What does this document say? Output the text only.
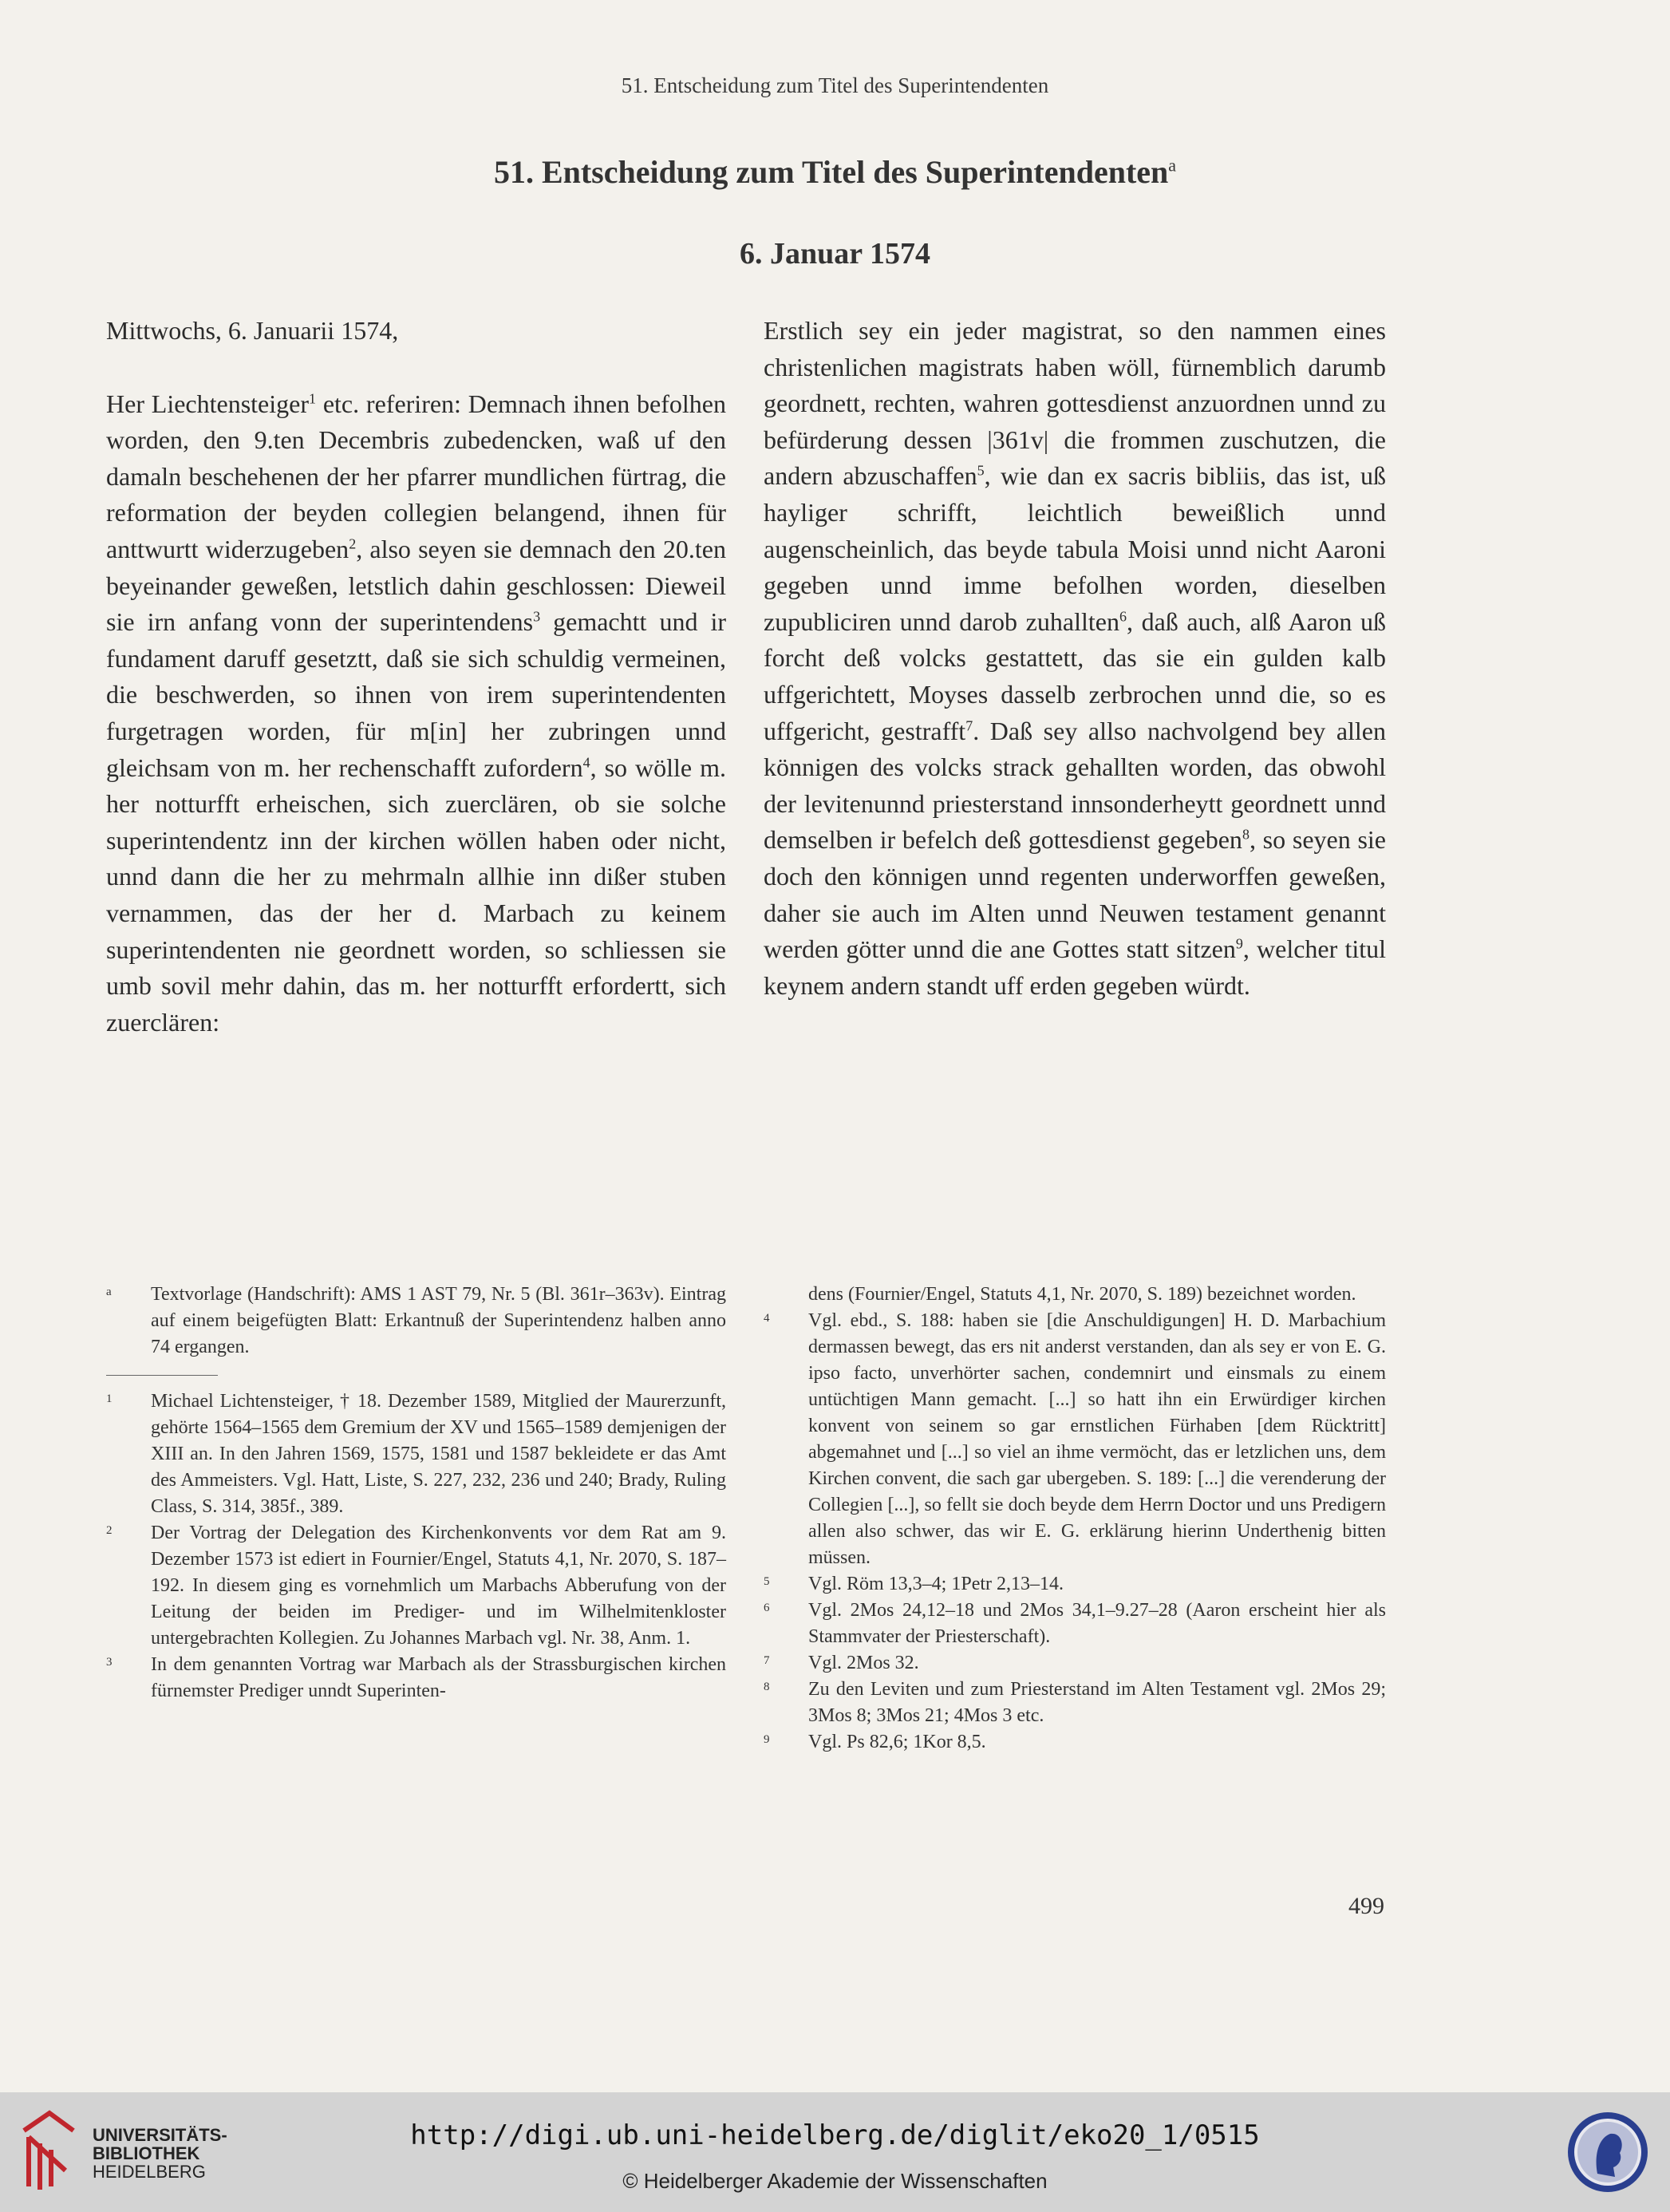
51. Entscheidung zum Titel des Superintendenten
51. Entscheidung zum Titel des Superintendenten$^a$
6. Januar 1574

Mittwochs, 6. Januarii 1574,

Her Liechtensteiger$^1$ etc. referiren: Demnach ihnen befolhen worden, den 9.ten Decembris zubedencken, waß uf den damaln beschehenen der her pfarrer mundlichen fürtrag, die reformation der beyden collegien belangend, ihnen für anttwurtt widerzugeben$^2$, also seyen sie demnach den 20.ten beyeinander geweßen, letstlich dahin geschlossen: Dieweil sie irn anfang vonn der superintendens$^3$ gemachtt und ir fundament daruff gesetztt, daß sie sich schuldig vermeinen, die beschwerden, so ihnen von irem superintendenten furgetragen worden, für m[in] her zubringen unnd gleichsam von m. her rechenschafft zufordern$^4$, so wölle m. her notturfft erheischen, sich zuerclären, ob sie solche superintendentz inn der kirchen wöllen haben oder nicht, unnd dann die her zu mehrmaln allhie inn dißer stuben vernammen, das der her d. Marbach zu keinem superintendenten nie geordnett worden, so schliessen sie umb sovil mehr dahin, das m. her notturfft erfordertt, sich zuerclären:

Erstlich sey ein jeder magistrat, so den nammen eines christenlichen magistrats haben wöll, fürnemblich darumb geordnett, rechten, wahren gottesdienst anzuordnen unnd zu befürderung dessen |361v| die frommen zuschutzen, die andern abzuschaffen$^5$, wie dan ex sacris bibliis, das ist, uß hayliger schrifft, leichtlich beweißlich unnd augenscheinlich, das beyde tabula Moisi unnd nicht Aaroni gegeben unnd imme befolhen worden, dieselben zupubliciren unnd darob zuhallten$^6$, daß auch, alß Aaron uß forcht deß volcks gestattett, das sie ein gulden kalb uffgerichtett, Moyses dasselb zerbrochen unnd die, so es uffgericht, gestrafft$^7$. Daß sey allso nachvolgend bey allen könnigen des volcks strack gehallten worden, das obwohl der levitenunnd priesterstand innsonderheytt geordnett unnd demselben ir befelch deß gottesdienst gegeben$^8$, so seyen sie doch den könnigen unnd regenten underworffen geweßen, daher sie auch im Alten unnd Neuwen testament genannt werden götter unnd die ane Gottes statt sitzen$^9$, welcher titul keynem andern standt uff erden gegeben würdt.

a	Textvorlage (Handschrift): AMS 1 AST 79, Nr. 5 (Bl. 361r–363v). Eintrag auf einem beigefügten Blatt: Erkantnuß der Superintendenz halben anno 74 ergangen.
1	Michael Lichtensteiger, † 18. Dezember 1589, Mitglied der Maurerzunft, gehörte 1564–1565 dem Gremium der XV und 1565–1589 demjenigen der XIII an. In den Jahren 1569, 1575, 1581 und 1587 bekleidete er das Amt des Ammeisters. Vgl. Hatt, Liste, S. 227, 232, 236 und 240; Brady, Ruling Class, S. 314, 385f., 389.
2	Der Vortrag der Delegation des Kirchenkonvents vor dem Rat am 9. Dezember 1573 ist ediert in Fournier/Engel, Statuts 4,1, Nr. 2070, S. 187–192. In diesem ging es vornehmlich um Marbachs Abberufung von der Leitung der beiden im Prediger- und im Wilhelmitenkloster untergebrachten Kollegien. Zu Johannes Marbach vgl. Nr. 38, Anm. 1.
3	In dem genannten Vortrag war Marbach als der Strassburgischen kirchen fürnemster Prediger unndt Superinten-
dens (Fournier/Engel, Statuts 4,1, Nr. 2070, S. 189) bezeichnet worden.
4	Vgl. ebd., S. 188: haben sie [die Anschuldigungen] H. D. Marbachium dermassen bewegt, das ers nit anderst verstanden, dan als sey er von E. G. ipso facto, unverhörter sachen, condemnirt und einsmals zu einem untüchtigen Mann gemacht. [...] so hatt ihn ein Erwürdiger kirchen konvent von seinem so gar ernstlichen Fürhaben [dem Rücktritt] abgemahnet und [...] so viel an ihme vermöcht, das er letzlichen uns, dem Kirchen convent, die sach gar ubergeben. S. 189: [...] die verenderung der Collegien [...], so fellt sie doch beyde dem Herrn Doctor und uns Predigern allen also schwer, das wir E. G. erklärung hierinn Underthenig bitten müssen.
5	Vgl. Röm 13,3–4; 1Petr 2,13–14.
6	Vgl. 2Mos 24,12–18 und 2Mos 34,1–9.27–28 (Aaron erscheint hier als Stammvater der Priesterschaft).
7	Vgl. 2Mos 32.
8	Zu den Leviten und zum Priesterstand im Alten Testament vgl. 2Mos 29; 3Mos 8; 3Mos 21; 4Mos 3 etc.
9	Vgl. Ps 82,6; 1Kor 8,5.
499
UNIVERSITÄTS-
BIBLIOTHEK
HEIDELBERG
http://digi.ub.uni-heidelberg.de/diglit/eko20_1/0515
© Heidelberger Akademie der Wissenschaften
